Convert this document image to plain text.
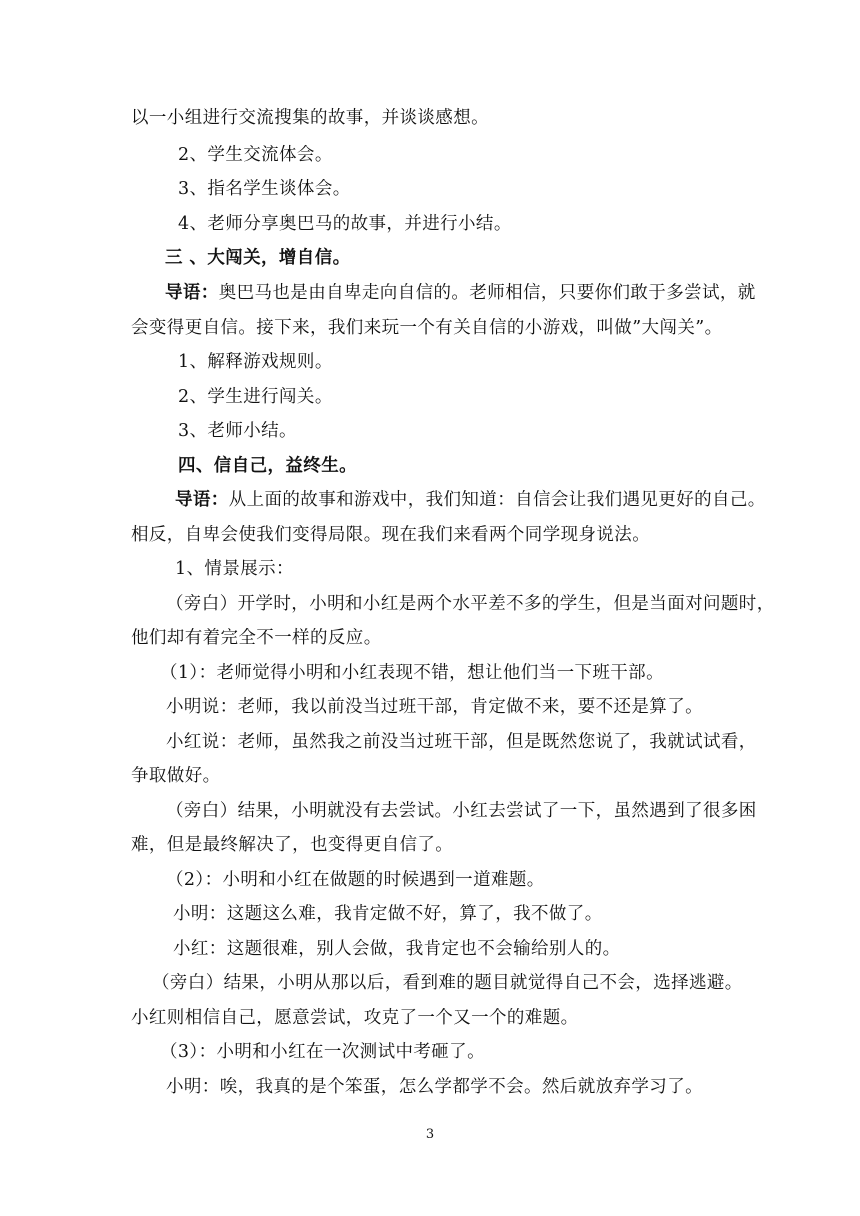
以一小组进行交流搜集的故事，并谈谈感想。
2、学生交流体会。
3、指名学生谈体会。
4、老师分享奥巴马的故事，并进行小结。
三 、大闯关，增自信。
导语：奥巴马也是由自卑走向自信的。老师相信，只要你们敢于多尝试，就
会变得更自信。接下来，我们来玩一个有关自信的小游戏，叫做”大闯关”。
1、解释游戏规则。
2、学生进行闯关。
3、老师小结。
四、信自己，益终生。
导语：从上面的故事和游戏中，我们知道：自信会让我们遇见更好的自己。
相反，自卑会使我们变得局限。现在我们来看两个同学现身说法。
1、情景展示：
（旁白）开学时，小明和小红是两个水平差不多的学生，但是当面对问题时，
他们却有着完全不一样的反应。
（1）：老师觉得小明和小红表现不错，想让他们当一下班干部。
小明说：老师，我以前没当过班干部，肯定做不来，要不还是算了。
小红说：老师，虽然我之前没当过班干部，但是既然您说了，我就试试看，
争取做好。
（旁白）结果，小明就没有去尝试。小红去尝试了一下，虽然遇到了很多困
难，但是最终解决了，也变得更自信了。
（2）：小明和小红在做题的时候遇到一道难题。
小明：这题这么难，我肯定做不好，算了，我不做了。
小红：这题很难，别人会做，我肯定也不会输给别人的。
（旁白）结果，小明从那以后，看到难的题目就觉得自己不会，选择逃避。
小红则相信自己，愿意尝试，攻克了一个又一个的难题。
（3）：小明和小红在一次测试中考砸了。
小明：唉，我真的是个笨蛋，怎么学都学不会。然后就放弃学习了。
3
